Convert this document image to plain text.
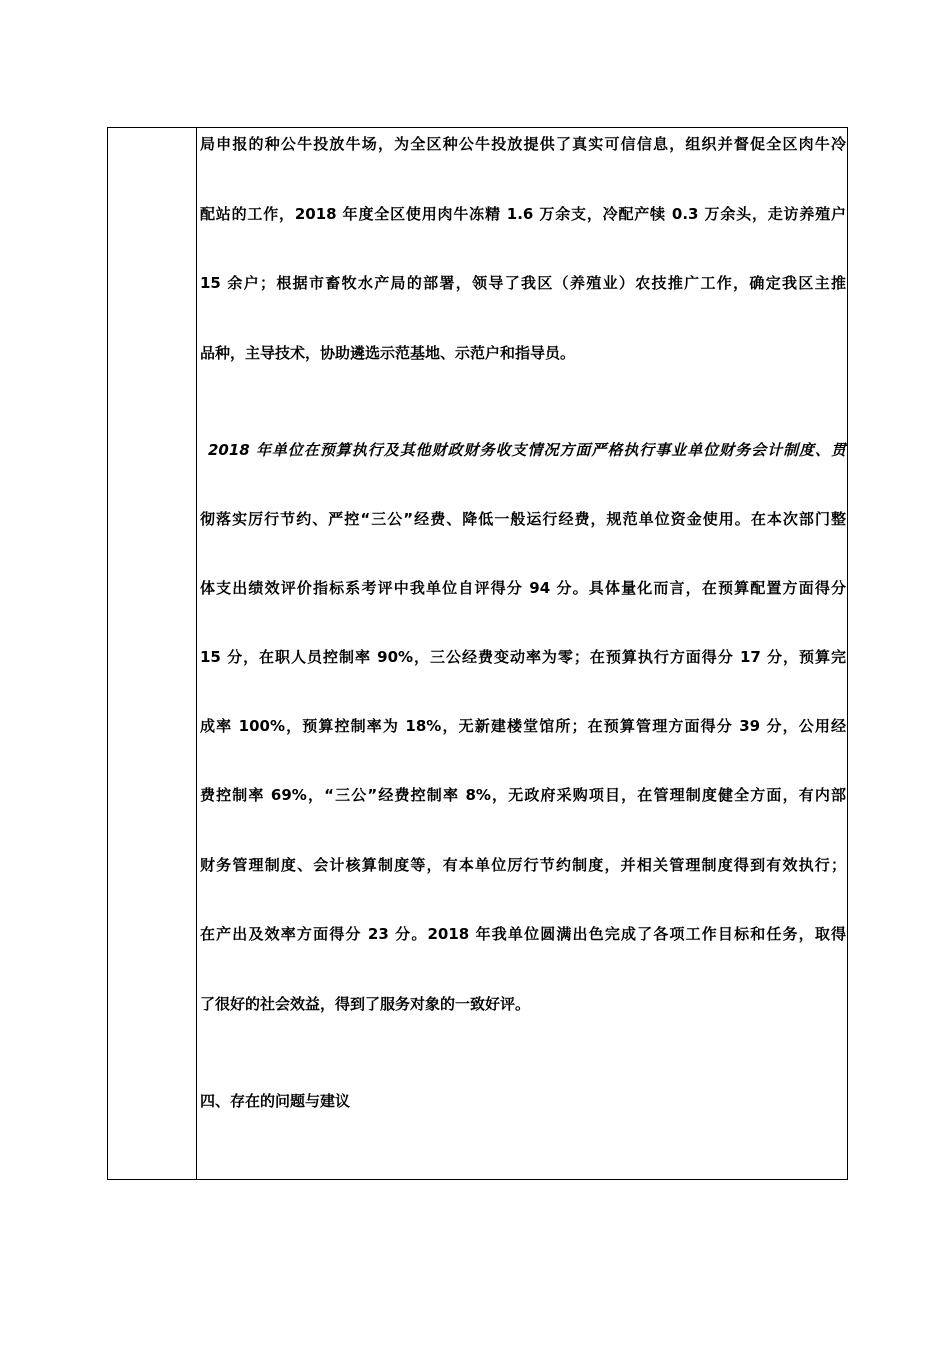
局申报的种公牛投放牛场，为全区种公牛投放提供了真实可信信息，组织并督促全区肉牛冷
配站的工作，2018 年度全区使用肉牛冻精 1.6 万余支，冷配产犊 0.3 万余头，走访养殖户
15 余户；根据市畜牧水产局的部署，领导了我区（养殖业）农技推广工作，确定我区主推
品种，主导技术，协助遴选示范基地、示范户和指导员。
2018 年单位在预算执行及其他财政财务收支情况方面严格执行事业单位财务会计制度、贯
彻落实厉行节约、严控“三公”经费、降低一般运行经费，规范单位资金使用。在本次部门整
体支出绩效评价指标系考评中我单位自评得分 94 分。具体量化而言，在预算配置方面得分
15 分，在职人员控制率 90%，三公经费变动率为零；在预算执行方面得分 17 分，预算完
成率 100%，预算控制率为 18%，无新建楼堂馆所；在预算管理方面得分 39 分，公用经
费控制率 69%，“三公”经费控制率 8%，无政府采购项目，在管理制度健全方面，有内部
财务管理制度、会计核算制度等，有本单位厉行节约制度，并相关管理制度得到有效执行；
在产出及效率方面得分 23 分。2018 年我单位圆满出色完成了各项工作目标和任务，取得
了很好的社会效益，得到了服务对象的一致好评。
四、存在的问题与建议
